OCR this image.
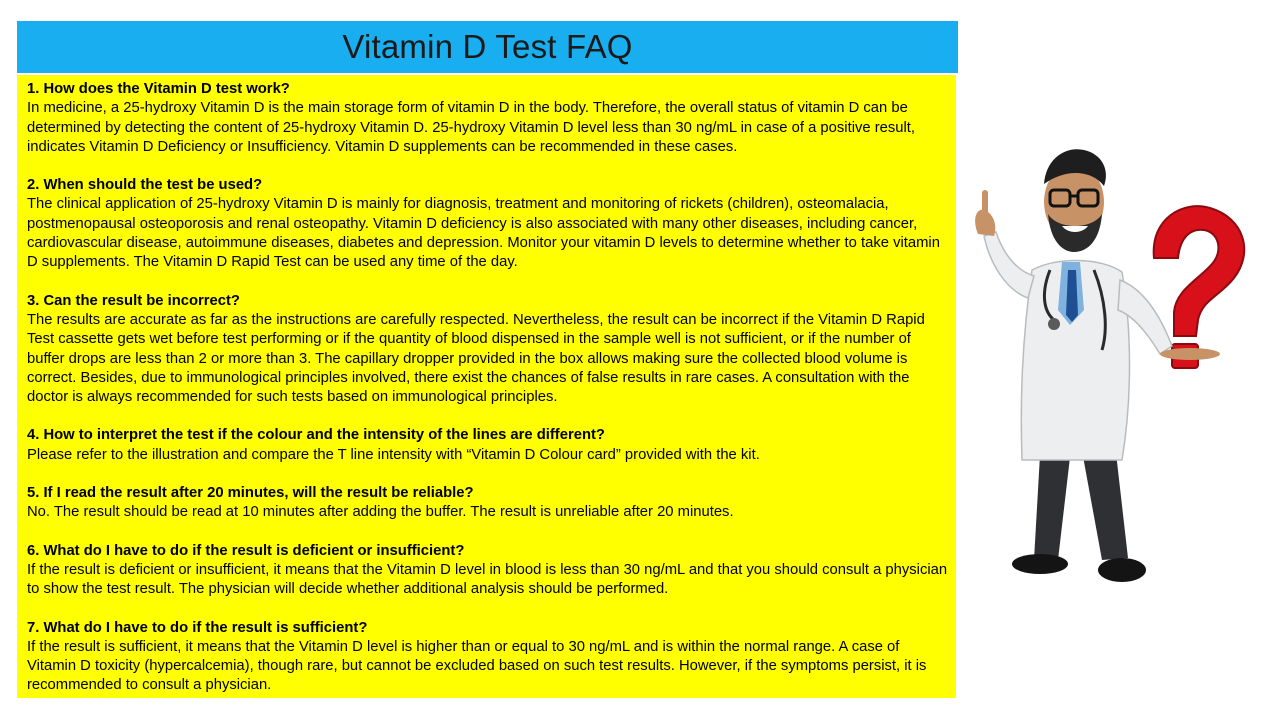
Vitamin D Test FAQ
1. How does the Vitamin D test work?
In medicine, a 25-hydroxy Vitamin D is the main storage form of vitamin D in the body. Therefore, the overall status of vitamin D can be determined by detecting the content of 25-hydroxy Vitamin D. 25-hydroxy Vitamin D level less than 30 ng/mL in case of a positive result, indicates Vitamin D Deficiency or Insufficiency. Vitamin D supplements can be recommended in these cases.
2. When should the test be used?
The clinical application of 25-hydroxy Vitamin D is mainly for diagnosis, treatment and monitoring of rickets (children), osteomalacia, postmenopausal osteoporosis and renal osteopathy. Vitamin D deficiency is also associated with many other diseases, including cancer, cardiovascular disease, autoimmune diseases, diabetes and depression. Monitor your vitamin D levels to determine whether to take vitamin D supplements. The Vitamin D Rapid Test can be used any time of the day.
3. Can the result be incorrect?
The results are accurate as far as the instructions are carefully respected. Nevertheless, the result can be incorrect if the Vitamin D Rapid Test cassette gets wet before test performing or if the quantity of blood dispensed in the sample well is not sufficient, or if the number of buffer drops are less than 2 or more than 3. The capillary dropper provided in the box allows making sure the collected blood volume is correct. Besides, due to immunological principles involved, there exist the chances of false results in rare cases. A consultation with the doctor is always recommended for such tests based on immunological principles.
4. How to interpret the test if the colour and the intensity of the lines are different?
Please refer to the illustration and compare the T line intensity with “Vitamin D Colour card” provided with the kit.
5. If I read the result after 20 minutes, will the result be reliable?
No. The result should be read at 10 minutes after adding the buffer. The result is unreliable after 20 minutes.
6. What do I have to do if the result is deficient or insufficient?
If the result is deficient or insufficient, it means that the Vitamin D level in blood is less than 30 ng/mL and that you should consult a physician to show the test result. The physician will decide whether additional analysis should be performed.
7. What do I have to do if the result is sufficient?
If the result is sufficient, it means that the Vitamin D level is higher than or equal to 30 ng/mL and is within the normal range. A case of Vitamin D toxicity (hypercalcemia), though rare, but cannot be excluded based on such test results. However, if the symptoms persist, it is recommended to consult a physician.
